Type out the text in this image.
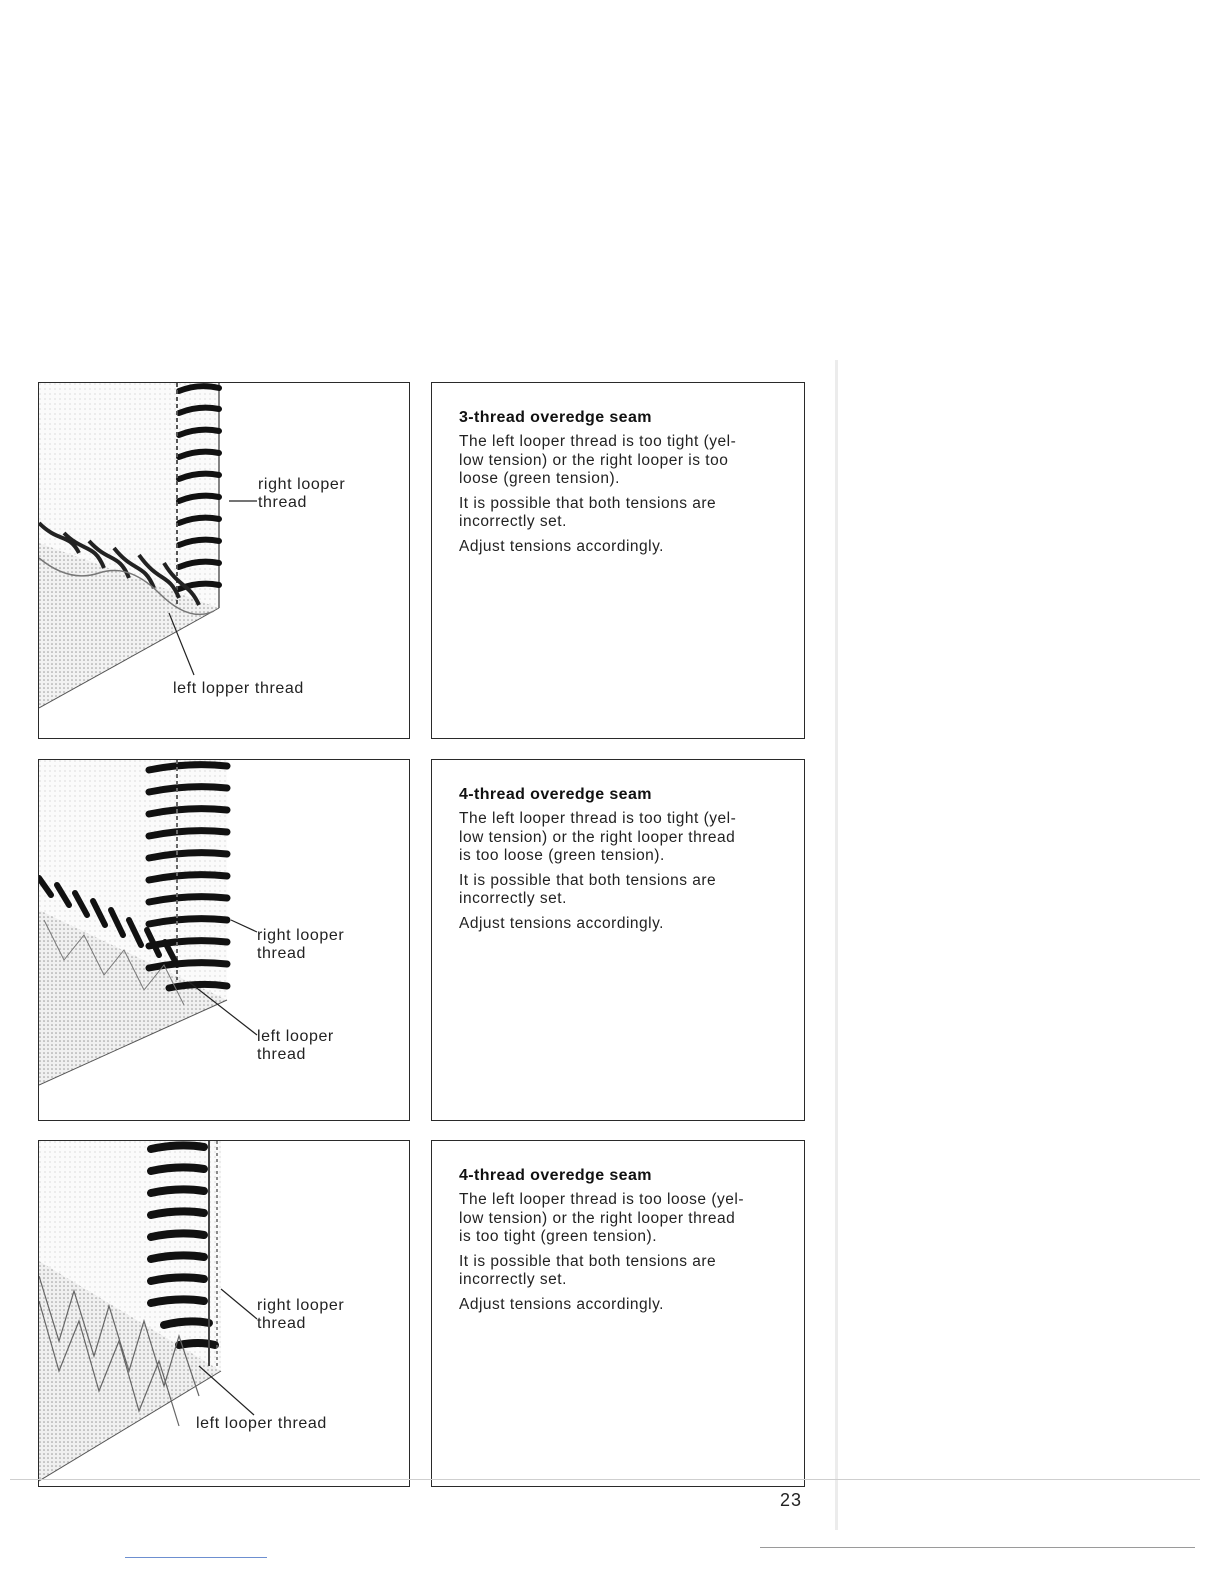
right looper
thread
left lopper thread
3-thread overedge seam
The left looper thread is too tight (yel-
low tension) or the right looper is too
loose (green tension).
It is possible that both tensions are
incorrectly set.
Adjust tensions accordingly.
right looper
thread
left looper
thread
4-thread overedge seam
The left looper thread is too tight (yel-
low tension) or the right looper thread
is too loose (green tension).
It is possible that both tensions are
incorrectly set.
Adjust tensions accordingly.
right looper
thread
left looper thread
4-thread overedge seam
The left looper thread is too loose (yel-
low tension) or the right looper thread
is too tight (green tension).
It is possible that both tensions are
incorrectly set.
Adjust tensions accordingly.
23
